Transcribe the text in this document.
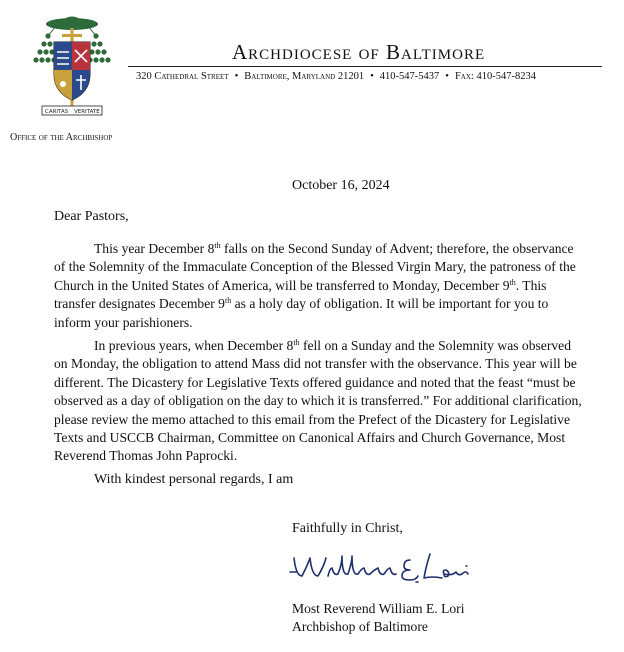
CARITAS VERITATE
Archdiocese of Baltimore
320 Cathedral Street • Baltimore, Maryland 21201 • 410-547-5437 • Fax: 410-547-8234
Office of the Archbishop
October 16, 2024
Dear Pastors,

This year December 8th falls on the Second Sunday of Advent; therefore, the observance of the Solemnity of the Immaculate Conception of the Blessed Virgin Mary, the patroness of the Church in the United States of America, will be transferred to Monday, December 9th. This transfer designates December 9th as a holy day of obligation. It will be important for you to inform your parishioners.

In previous years, when December 8th fell on a Sunday and the Solemnity was observed on Monday, the obligation to attend Mass did not transfer with the observance. This year will be different. The Dicastery for Legislative Texts offered guidance and noted that the feast “must be observed as a day of obligation on the day to which it is transferred.” For additional clarification, please review the memo attached to this email from the Prefect of the Dicastery for Legislative Texts and USCCB Chairman, Committee on Canonical Affairs and Church Governance, Most Reverend Thomas John Paprocki.

With kindest personal regards, I am
Faithfully in Christ,
William E. Lori
Most Reverend William E. Lori
Archbishop of Baltimore
